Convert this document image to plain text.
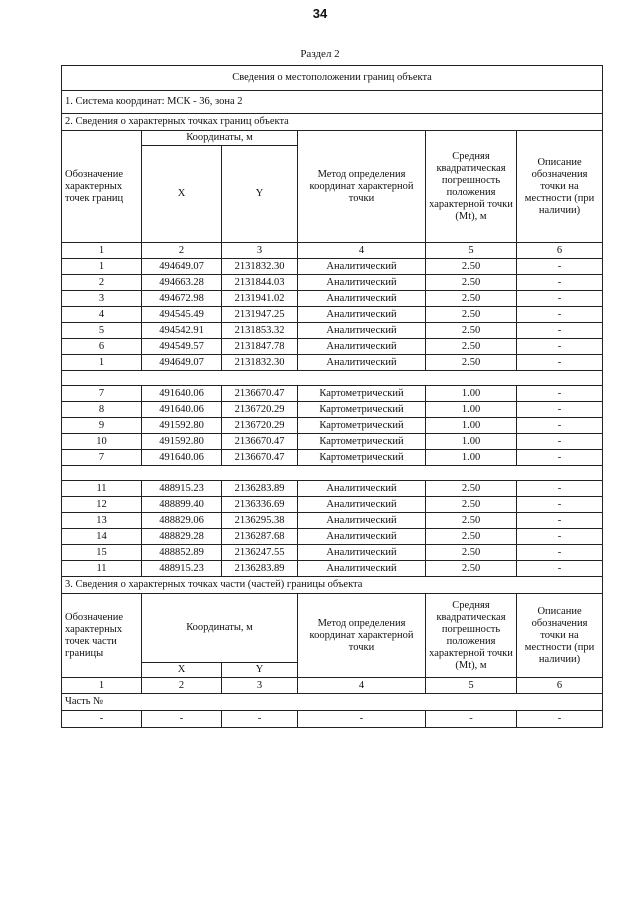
34
Раздел 2
Сведения о местоположении границ объекта					
1. Система координат: МСК - 36, зона 2					
2. Сведения о характерных точках границ объекта					
Обозначение характерных точек границ	Координаты, м		Метод определения координат характерной точки	Средняя квадратическая погрешность положения характерной точки (Mt), м	Описание обозначения точки на местности (при наличии)
	X	Y			
1	2	3	4	5	6
1	494649.07	2131832.30	Аналитический	2.50	-
2	494663.28	2131844.03	Аналитический	2.50	-
3	494672.98	2131941.02	Аналитический	2.50	-
4	494545.49	2131947.25	Аналитический	2.50	-
5	494542.91	2131853.32	Аналитический	2.50	-
6	494549.57	2131847.78	Аналитический	2.50	-
1	494649.07	2131832.30	Аналитический	2.50	-

7	491640.06	2136670.47	Картометрический	1.00	-
8	491640.06	2136720.29	Картометрический	1.00	-
9	491592.80	2136720.29	Картометрический	1.00	-
10	491592.80	2136670.47	Картометрический	1.00	-
7	491640.06	2136670.47	Картометрический	1.00	-

11	488915.23	2136283.89	Аналитический	2.50	-
12	488899.40	2136336.69	Аналитический	2.50	-
13	488829.06	2136295.38	Аналитический	2.50	-
14	488829.28	2136287.68	Аналитический	2.50	-
15	488852.89	2136247.55	Аналитический	2.50	-
11	488915.23	2136283.89	Аналитический	2.50	-
3. Сведения о характерных точках части (частей) границы объекта					
Обозначение характерных точек части границы	Координаты, м		Метод определения координат характерной точки	Средняя квадратическая погрешность положения характерной точки (Mt), м	Описание обозначения точки на местности (при наличии)
	X	Y			
1	2	3	4	5	6
Часть №					
-	-	-	-	-	-
